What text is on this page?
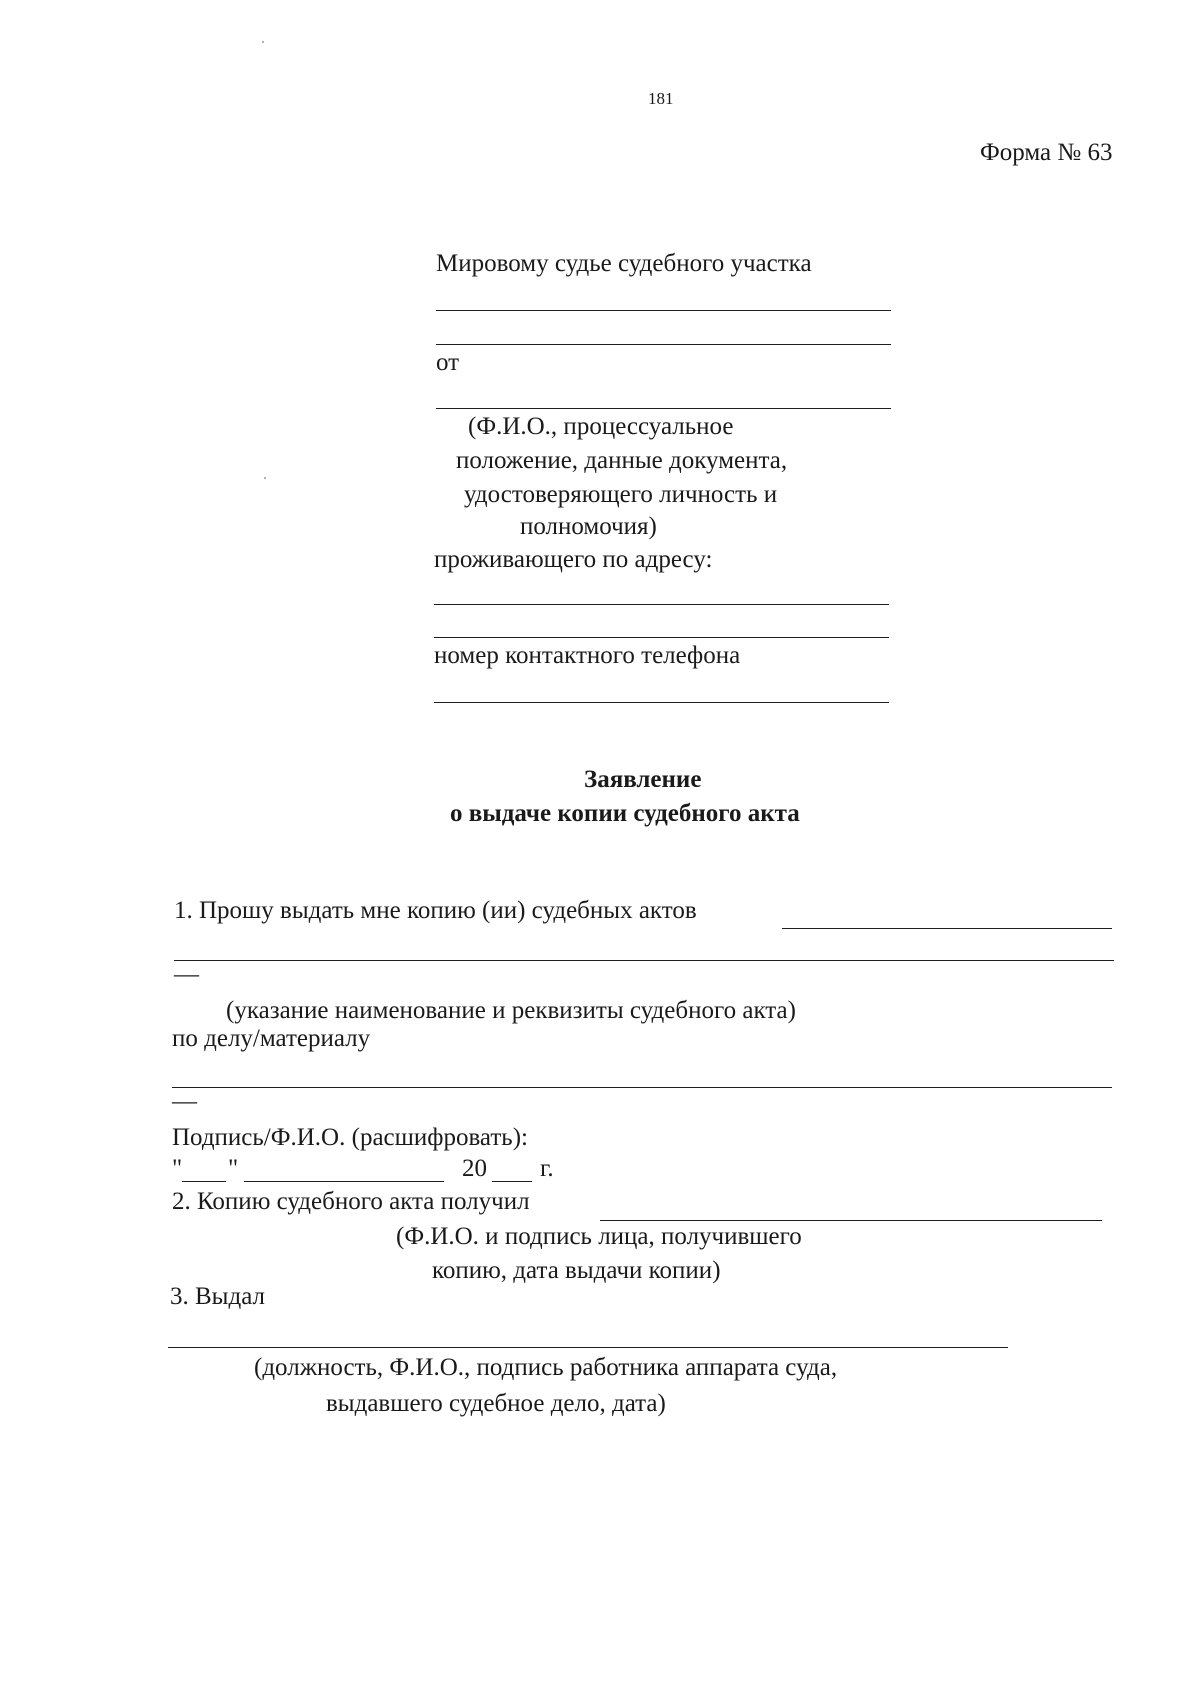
181
Форма № 63
Мировому судье судебного участка
от
(Ф.И.О., процессуальное
положение, данные документа,
удостоверяющего личность и
полномочия)
проживающего по адресу:
номер контактного телефона
Заявление
о выдаче копии судебного акта
1. Прошу выдать мне копию (ии) судебных актов
—
(указание наименование и реквизиты судебного акта)
по делу/материалу
—
Подпись/Ф.И.О. (расшифровать):
" "	20 г.
2. Копию судебного акта получил
(Ф.И.О. и подпись лица, получившего
копию, дата выдачи копии)
3. Выдал
(должность, Ф.И.О., подпись работника аппарата суда,
выдавшего судебное дело, дата)
